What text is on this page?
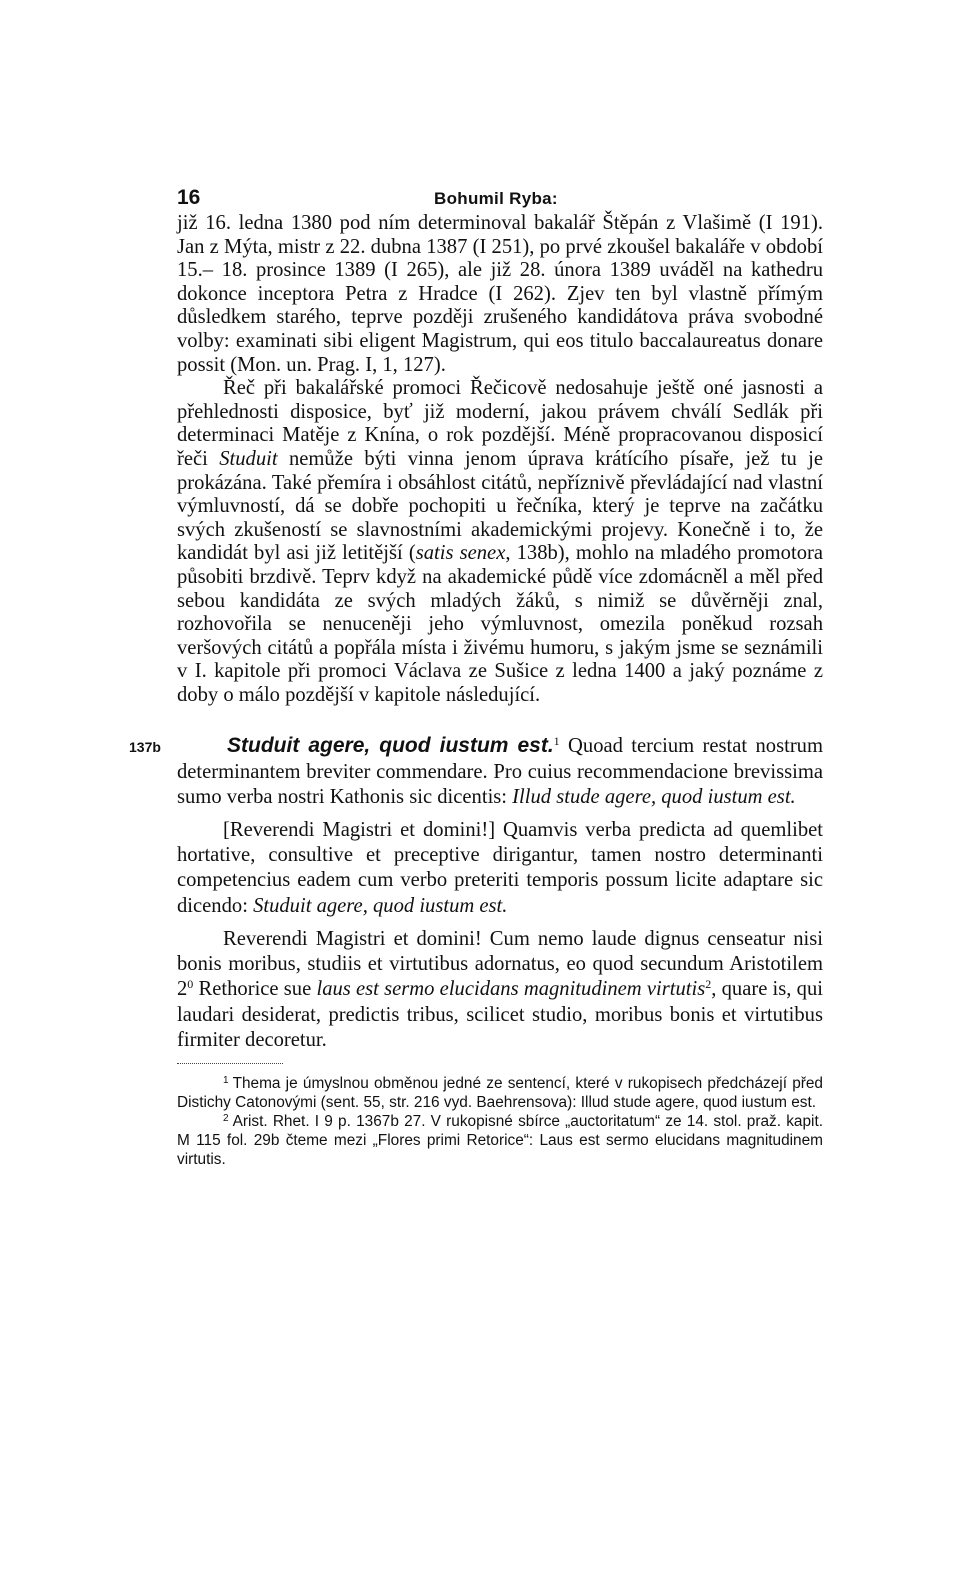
16	Bohumil Ryba:

již 16. ledna 1380 pod ním determinoval bakalář Štěpán z Vlašimě (I 191). Jan z Mýta, mistr z 22. dubna 1387 (I 251), po prvé zkoušel bakaláře v období 15.– 18. prosince 1389 (I 265), ale již 28. února 1389 uváděl na kathedru dokonce inceptora Petra z Hradce (I 262). Zjev ten byl vlastně přímým důsledkem starého, teprve později zrušeného kandidátova práva svobodné volby: examinati sibi eligent Magistrum, qui eos titulo baccalaureatus donare possit (Mon. un. Prag. I, 1, 127).

Řeč při bakalářské promoci Řečicově nedosahuje ještě oné jasnosti a přehlednosti disposice, byť již moderní, jakou právem chválí Sedlák při determinaci Matěje z Knína, o rok pozdější. Méně propracovanou disposicí řeči Studuit nemůže býti vinna jenom úprava krátícího písaře, jež tu je prokázána. Také přemíra i obsáhlost citátů, nepříznivě převládající nad vlastní výmluvností, dá se dobře pochopiti u řečníka, který je teprve na začátku svých zkušeností se slavnostními akademickými projevy. Konečně i to, že kandidát byl asi již letitější (satis senex, 138b), mohlo na mladého promotora působiti brzdivě. Teprv když na akademické půdě více zdomácněl a měl před sebou kandidáta ze svých mladých žáků, s nimiž se důvěrněji znal, rozhovořila se nenuceněji jeho výmluvnost, omezila poněkud rozsah veršových citátů a popřála místa i živému humoru, s jakým jsme se seznámili v I. kapitole při promoci Václava ze Sušice z ledna 1400 a jaký poznáme z doby o málo pozdější v kapitole následující.

137b	Studuit agere, quod iustum est.$^1$ Quoad tercium restat nostrum determinantem breviter commendare. Pro cuius recommendacione brevissima sumo verba nostri Kathonis sic dicentis: Illud stude agere, quod iustum est.

[Reverendi Magistri et domini!] Quamvis verba predicta ad quemlibet hortative, consultive et preceptive dirigantur, tamen nostro determinanti competencius eadem cum verbo preteriti temporis possum licite adaptare sic dicendo: Studuit agere, quod iustum est.

Reverendi Magistri et domini! Cum nemo laude dignus censeatur nisi bonis moribus, studiis et virtutibus adornatus, eo quod secundum Aristotilem $2^0$ Rethorice sue laus est sermo elucidans magnitudinem virtutis$^2$, quare is, qui laudari desiderat, predictis tribus, scilicet studio, moribus bonis et virtutibus firmiter decoretur.

$^1$ Thema je úmyslnou obměnou jedné ze sentencí, které v rukopisech předcházejí před Distichy Catonovými (sent. 55, str. 216 vyd. Baehrensova): Illud stude agere, quod iustum est.

$^2$ Arist. Rhet. I 9 p. 1367b 27. V rukopisné sbírce „auctoritatum“ ze 14. stol. praž. kapit. M 115 fol. 29b čteme mezi „Flores primi Retorice“: Laus est sermo elucidans magnitudinem virtutis.
